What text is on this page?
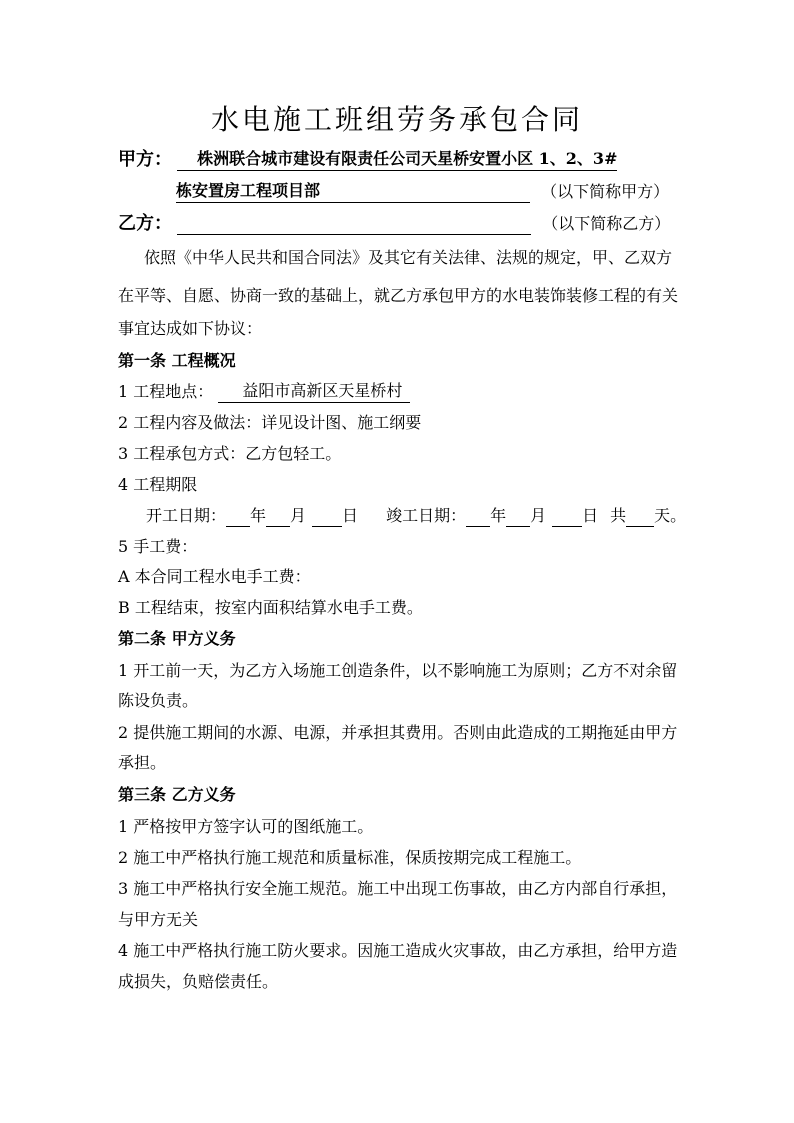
水电施工班组劳务承包合同
甲方： 株洲联合城市建设有限责任公司天星桥安置小区 1、2、3#
栋安置房工程项目部	（以下简称甲方）
乙方：	（以下简称乙方）
依照《中华人民共和国合同法》及其它有关法律、法规的规定，甲、乙双方
在平等、自愿、协商一致的基础上，就乙方承包甲方的水电装饰装修工程的有关
事宜达成如下协议：
第一条 工程概况
1 工程地点： 益阳市高新区天星桥村
2 工程内容及做法：详见设计图、施工纲要
3 工程承包方式：乙方包轻工。
4 工程期限
开工日期： 年 月 日 竣工日期： 年 月 日 共 天。
5 手工费：
A 本合同工程水电手工费：
B 工程结束，按室内面积结算水电手工费。
第二条 甲方义务
1 开工前一天，为乙方入场施工创造条件，以不影响施工为原则；乙方不对余留
陈设负责。
2 提供施工期间的水源、电源，并承担其费用。否则由此造成的工期拖延由甲方
承担。
第三条 乙方义务
1 严格按甲方签字认可的图纸施工。
2 施工中严格执行施工规范和质量标准，保质按期完成工程施工。
3 施工中严格执行安全施工规范。施工中出现工伤事故，由乙方内部自行承担，
与甲方无关
4 施工中严格执行施工防火要求。因施工造成火灾事故，由乙方承担，给甲方造
成损失，负赔偿责任。
